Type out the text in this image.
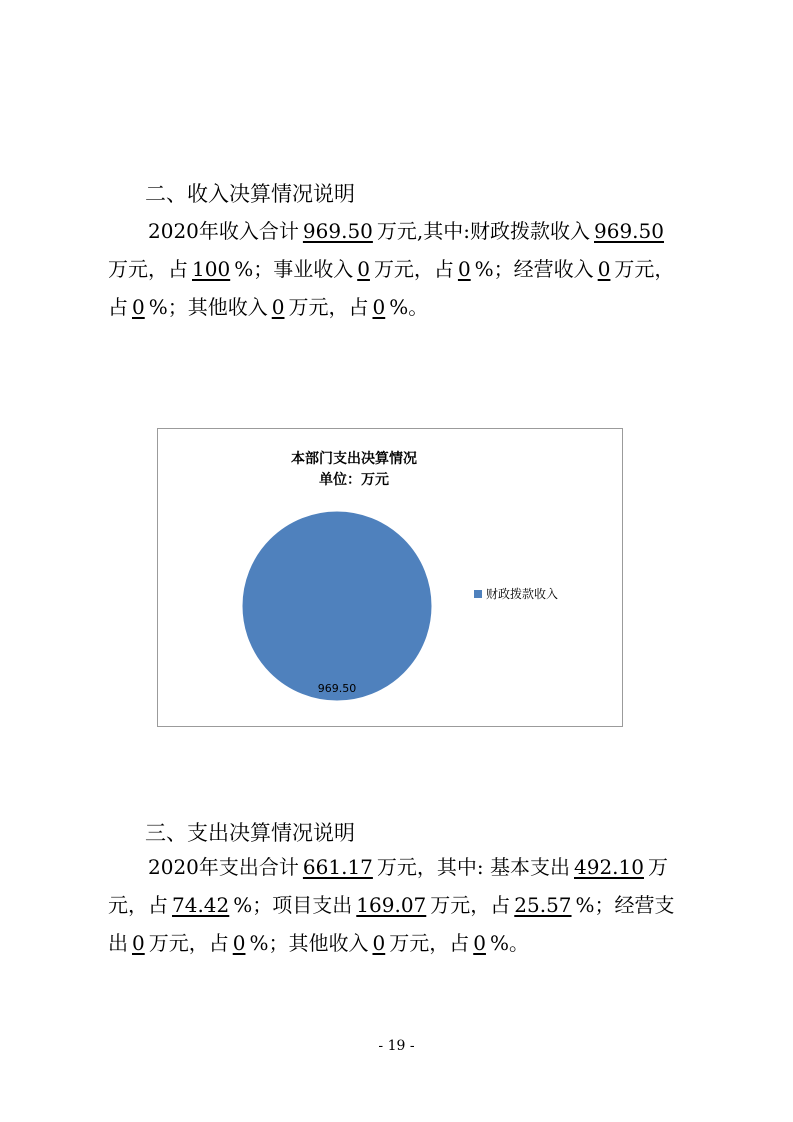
二、收入决算情况说明
2020年收入合计 969.50 万元,其中:财政拨款收入 969.50
万元，占 100 %；事业收入 0 万元，占 0 %；经营收入 0 万元，
占 0 %；其他收入 0 万元，占 0 %。
本部门支出决算情况
单位：万元
969.50
财政拨款收入
三、支出决算情况说明
2020年支出合计 661.17 万元，其中: 基本支出 492.10 万
元，占 74.42 %；项目支出 169.07 万元，占 25.57 %；经营支
出 0 万元，占 0 %；其他收入 0 万元，占 0 %。
- 19 -
